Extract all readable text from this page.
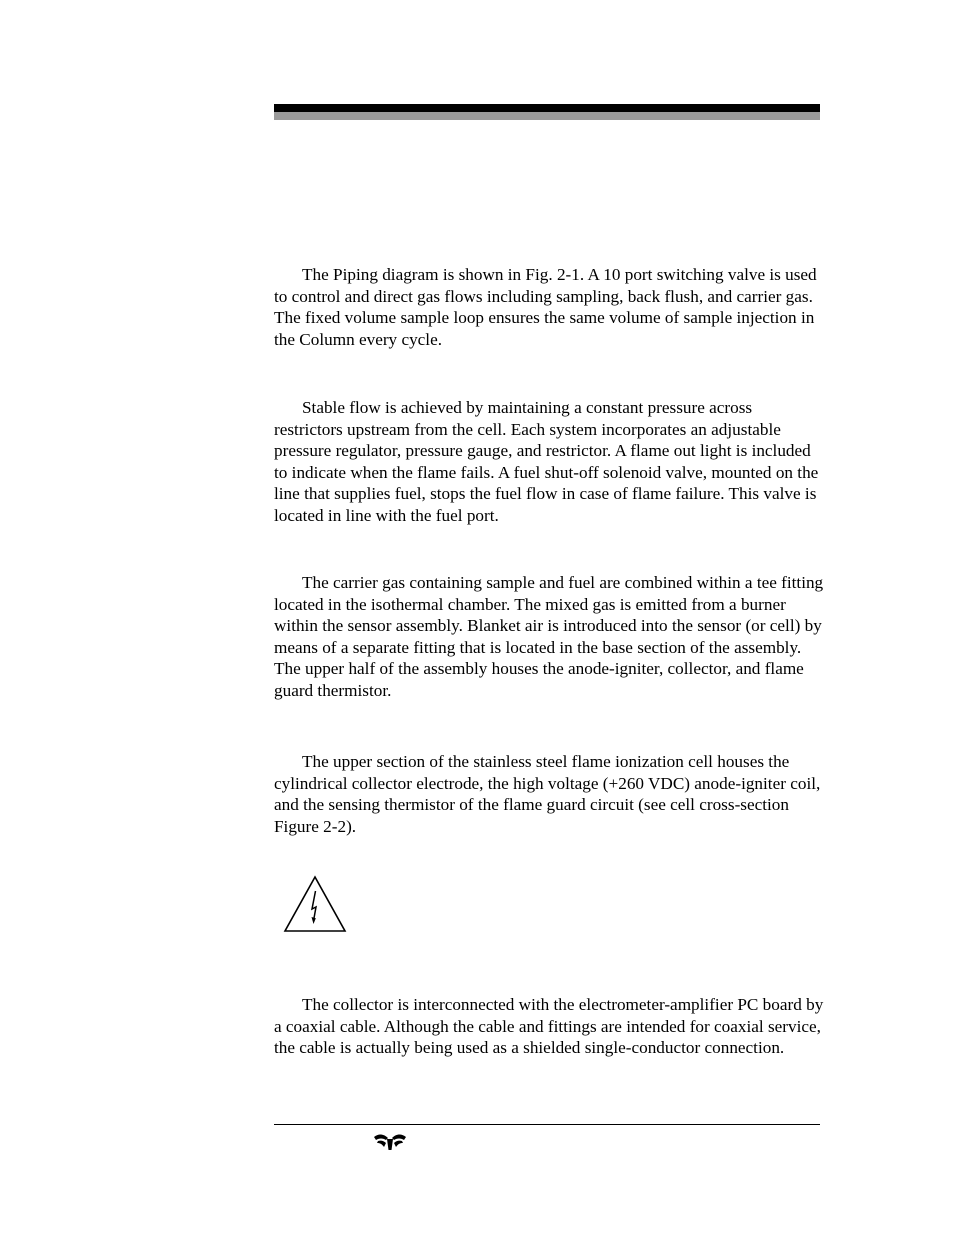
The Piping diagram is shown in Fig. 2-1. A 10 port switching valve is used to control and direct gas flows including sampling, back flush, and carrier gas. The fixed volume sample loop ensures the same volume of sample injection in the Column every cycle.

Stable flow is achieved by maintaining a constant pressure across restrictors upstream from the cell. Each system incorporates an adjustable pressure regulator, pressure gauge, and restrictor. A flame out light is included to indicate when the flame fails. A fuel shut-off solenoid valve, mounted on the line that supplies fuel, stops the fuel flow in case of flame failure. This valve is located in line with the fuel port.

The carrier gas containing sample and fuel are combined within a tee fitting located in the isothermal chamber. The mixed gas is emitted from a burner within the sensor assembly. Blanket air is introduced into the sensor (or cell) by means of a separate fitting that is located in the base section of the assembly. The upper half of the assembly houses the anode-igniter, collector, and flame guard thermistor.

The upper section of the stainless steel flame ionization cell houses the cylindrical collector electrode, the high voltage (+260 VDC) anode-igniter coil, and the sensing thermistor of the flame guard circuit (see cell cross-section Figure 2-2).

The collector is interconnected with the electrometer-amplifier PC board by a coaxial cable. Although the cable and fittings are intended for coaxial service, the cable is actually being used as a shielded single-conductor connection.
